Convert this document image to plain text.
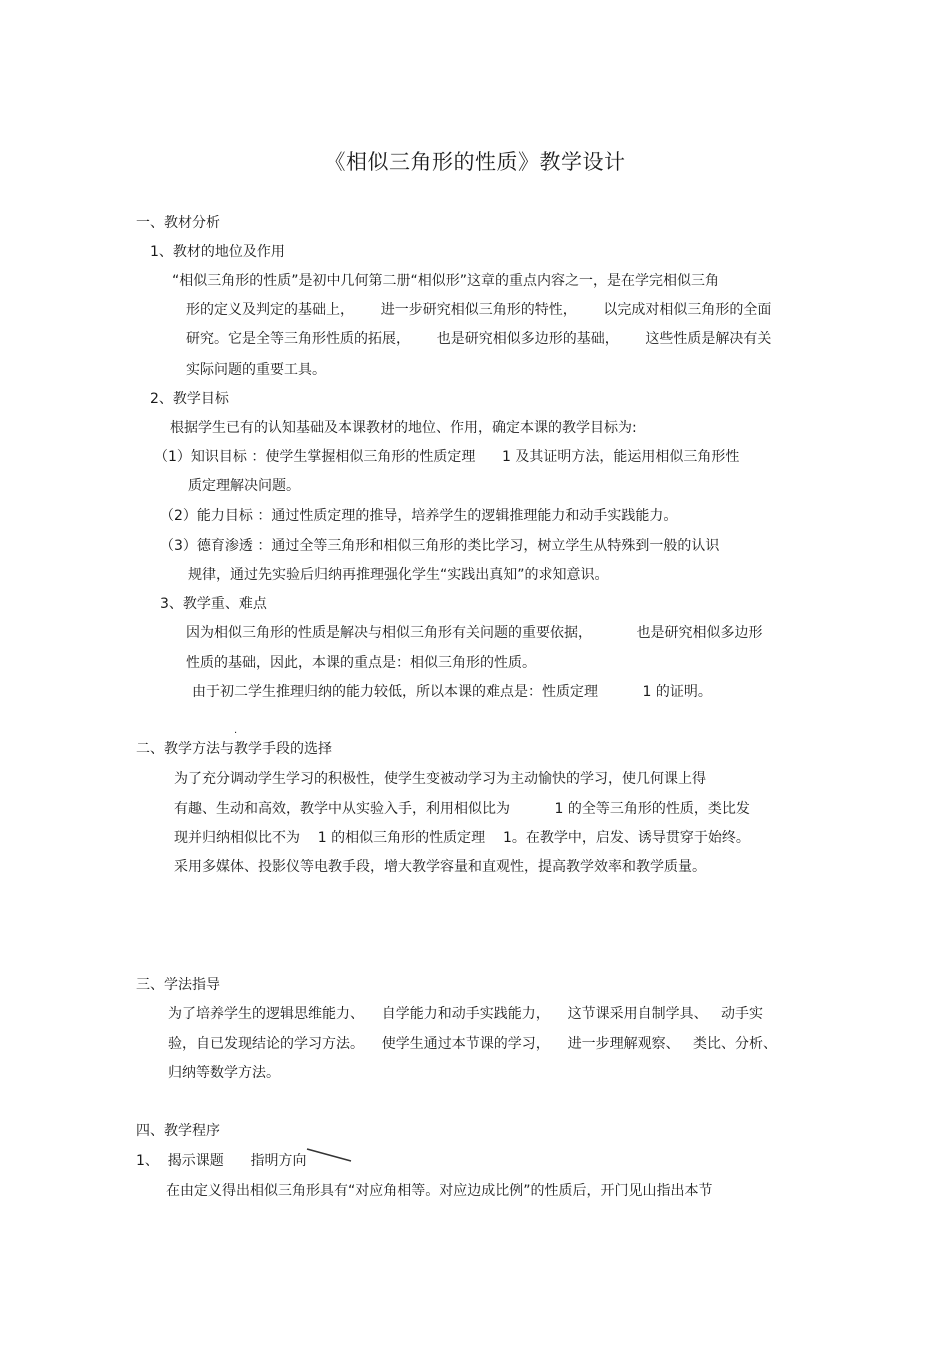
《相似三角形的性质》教学设计
一、教材分析
1、教材的地位及作用
“相似三角形的性质”是初中几何第二册“相似形”这章的重点内容之一，是在学完相似三角
形的定义及判定的基础上，      进一步研究相似三角形的特性，      以完成对相似三角形的全面
研究。它是全等三角形性质的拓展，      也是研究相似多边形的基础，      这些性质是解决有关
实际问题的重要工具。
2、教学目标
根据学生已有的认知基础及本课教材的地位、作用，确定本课的教学目标为:
（1）知识目标 ：使学生掌握相似三角形的性质定理      1 及其证明方法，能运用相似三角形性
质定理解决问题。
（2）能力目标 ：通过性质定理的推导，培养学生的逻辑推理能力和动手实践能力。
（3）德育渗透 ：通过全等三角形和相似三角形的类比学习，树立学生从特殊到一般的认识
规律，通过先实验后归纳再推理强化学生“实践出真知”的求知意识。
3、教学重、难点
因为相似三角形的性质是解决与相似三角形有关问题的重要依据，          也是研究相似多边形
性质的基础，因此，本课的重点是：相似三角形的性质。
由于初二学生推理归纳的能力较低，所以本课的难点是：性质定理          1 的证明。
·
二、教学方法与教学手段的选择
为了充分调动学生学习的积极性，使学生变被动学习为主动愉快的学习，使几何课上得
有趣、生动和高效，教学中从实验入手，利用相似比为          1 的全等三角形的性质，类比发
现并归纳相似比不为    1 的相似三角形的性质定理    1。在教学中，启发、诱导贯穿于始终。
采用多媒体、投影仪等电教手段，增大教学容量和直观性，提高教学效率和教学质量。
三、学法指导
为了培养学生的逻辑思维能力、    自学能力和动手实践能力，    这节课采用自制学具、   动手实
验，自已发现结论的学习方法。    使学生通过本节课的学习，    进一步理解观察、   类比、分析、
归纳等数学方法。
四、教学程序
1、  揭示课题      指明方向
在由定义得出相似三角形具有“对应角相等。对应边成比例”的性质后，开门见山指出本节
